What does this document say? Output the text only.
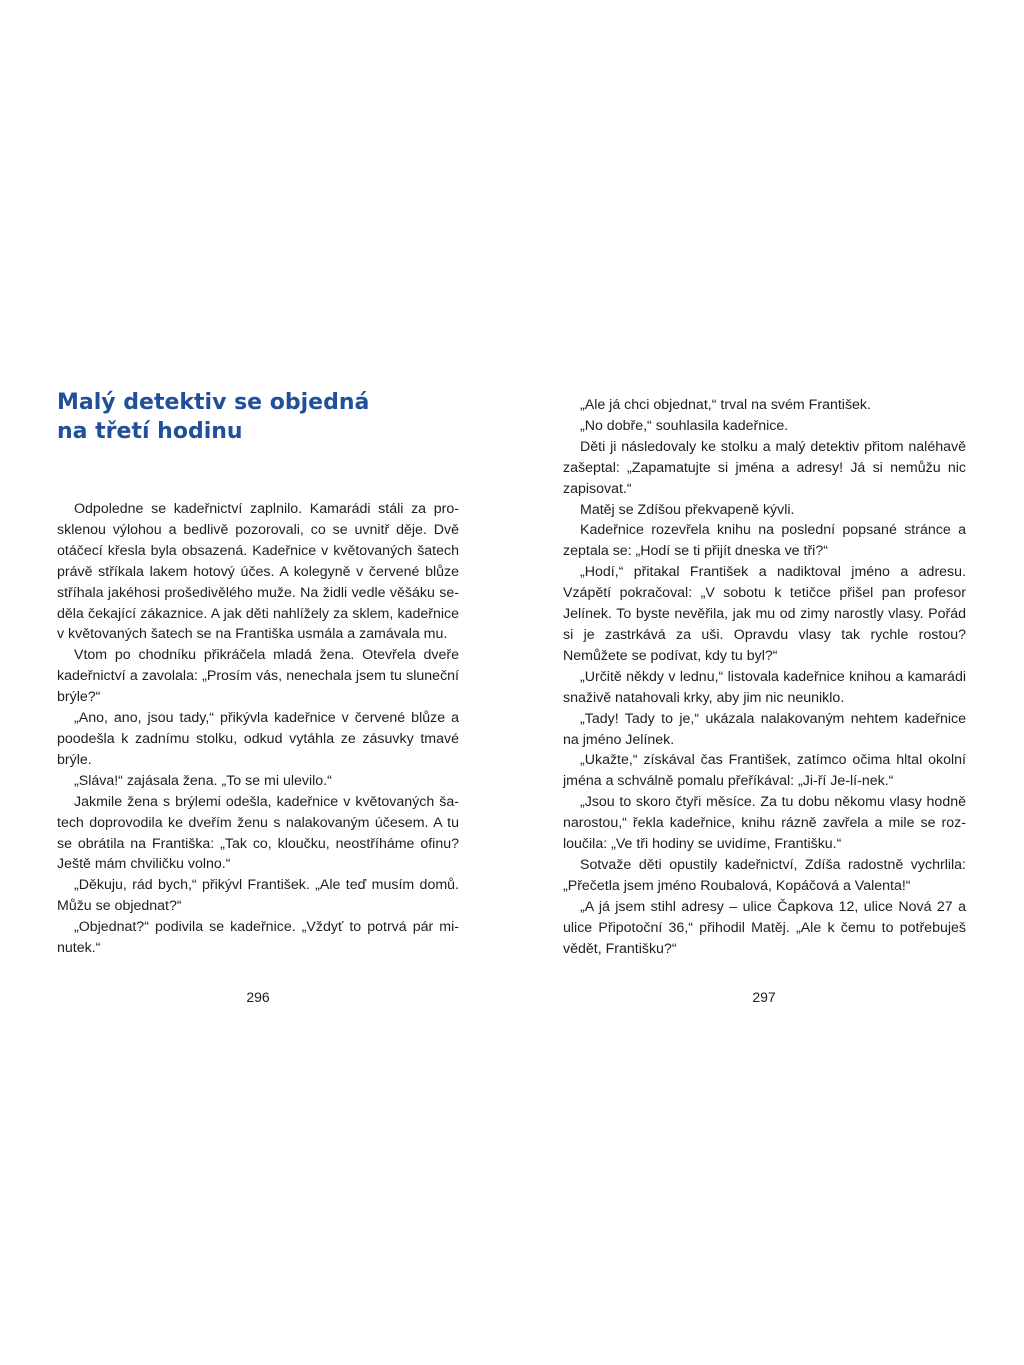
Malý detektiv se objedná
na třetí hodinu

Odpoledne se kadeřnictví zaplnilo. Kamarádi stáli za prosklenou výlohou a bedlivě pozorovali, co se uvnitř děje. Dvě otáčecí křesla byla obsazená. Kadeřnice v květovaných šatech právě stříkala lakem hotový účes. A kolegyně v červené blůze stříhala jakéhosi prošedivělého muže. Na židli vedle věšáku seděla čekající zákaznice. A jak děti nahlížely za sklem, kadeřnice v květovaných šatech se na Františka usmála a zamávala mu.

Vtom po chodníku přikráčela mladá žena. Otevřela dveře kadeřnictví a zavolala: „Prosím vás, nenechala jsem tu sluneční brýle?“

„Ano, ano, jsou tady,“ přikývla kadeřnice v červené blůze a poodešla k zadnímu stolku, odkud vytáhla ze zásuvky tmavé brýle.

„Sláva!“ zajásala žena. „To se mi ulevilo.“

Jakmile žena s brýlemi odešla, kadeřnice v květovaných šatech doprovodila ke dveřím ženu s nalakovaným účesem. A tu se obrátila na Františka: „Tak co, kloučku, neostříháme ofinu? Ještě mám chviličku volno.“

„Děkuju, rád bych,“ přikývl František. „Ale teď musím domů. Můžu se objednat?“

„Objednat?“ podivila se kadeřnice. „Vždyť to potrvá pár minutek.“

296

„Ale já chci objednat,“ trval na svém František.

„No dobře,“ souhlasila kadeřnice.

Děti ji následovaly ke stolku a malý detektiv přitom naléhavě zašeptal: „Zapamatujte si jména a adresy! Já si nemůžu nic zapisovat.“

Matěj se Zdíšou překvapeně kývli.

Kadeřnice rozevřela knihu na poslední popsané stránce a zeptala se: „Hodí se ti přijít dneska ve tři?“

„Hodí,“ přitakal František a nadiktoval jméno a adresu. Vzápětí pokračoval: „V sobotu k tetičce přišel pan profesor Jelínek. To byste nevěřila, jak mu od zimy narostly vlasy. Pořád si je zastrkává za uši. Opravdu vlasy tak rychle rostou? Nemůžete se podívat, kdy tu byl?“

„Určitě někdy v lednu,“ listovala kadeřnice knihou a kamarádi snaživě natahovali krky, aby jim nic neuniklo.

„Tady! Tady to je,“ ukázala nalakovaným nehtem kadeřnice na jméno Jelínek.

„Ukažte,“ získával čas František, zatímco očima hltal okolní jména a schválně pomalu přeříkával: „Ji-ří Je-lí-nek.“

„Jsou to skoro čtyři měsíce. Za tu dobu někomu vlasy hodně narostou,“ řekla kadeřnice, knihu rázně zavřela a mile se rozloučila: „Ve tři hodiny se uvidíme, Františku.“

Sotvaže děti opustily kadeřnictví, Zdíša radostně vychrlila: „Přečetla jsem jméno Roubalová, Kopáčová a Valenta!“

„A já jsem stihl adresy – ulice Čapkova 12, ulice Nová 27 a ulice Připotoční 36,“ přihodil Matěj. „Ale k čemu to potřebuješ vědět, Františku?“

297
